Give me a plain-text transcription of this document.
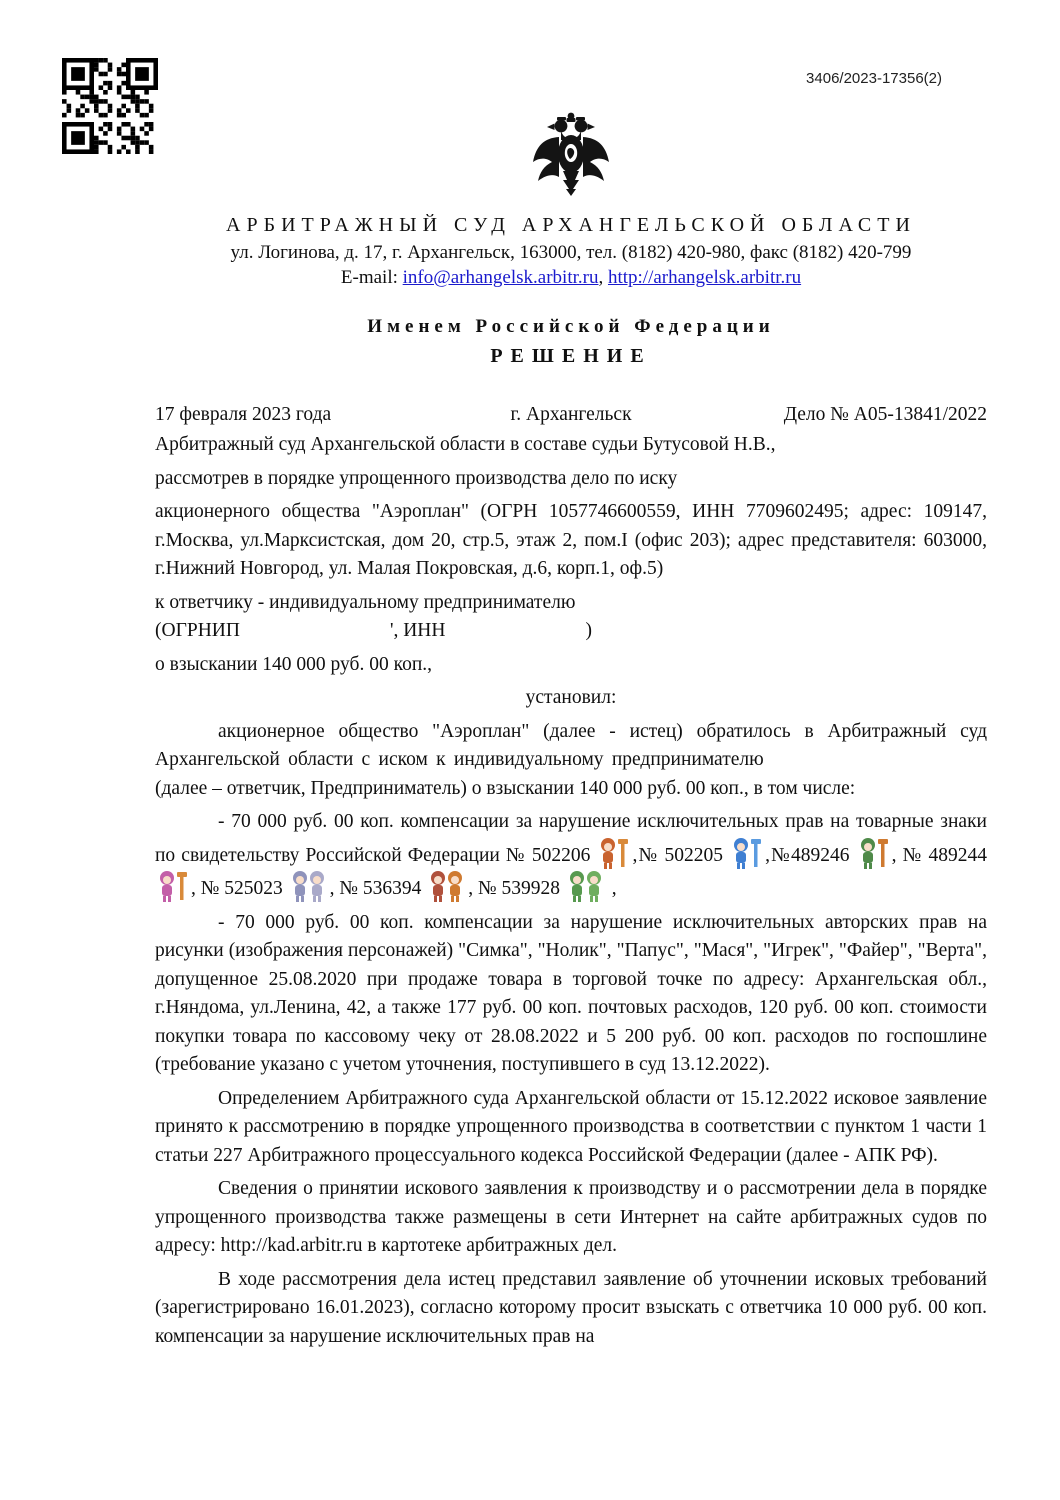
3406/2023-17356(2)
АРБИТРАЖНЫЙ СУД АРХАНГЕЛЬСКОЙ ОБЛАСТИ
ул. Логинова, д. 17, г. Архангельск, 163000, тел. (8182) 420-980, факс (8182) 420-799
E-mail: info@arhangelsk.arbitr.ru, http://arhangelsk.arbitr.ru
Именем Российской Федерации
РЕШЕНИЕ
17 февраля 2023 года	г. Архангельск	Дело № А05-13841/2022

Арбитражный суд Архангельской области в составе судьи Бутусовой Н.В.,

рассмотрев в порядке упрощенного производства дело по иску

акционерного общества "Аэроплан" (ОГРН 1057746600559, ИНН 7709602495; адрес: 109147, г.Москва, ул.Марксистская, дом 20, стр.5, этаж 2, пом.I (офис 203); адрес представителя: 603000, г.Нижний Новгород, ул. Малая Покровская, д.6, корп.1, оф.5)

к ответчику - индивидуальному предпринимателю

(ОГРНИП	', ИНН	)

о взыскании 140 000 руб. 00 коп.,

установил:

акционерное общество "Аэроплан" (далее - истец) обратилось в Арбитражный суд Архангельской области с иском к индивидуальному предпринимателю  (далее – ответчик, Предприниматель) о взыскании 140 000 руб. 00 коп., в том числе:

- 70 000 руб. 00 коп. компенсации за нарушение исключительных прав на товарные знаки по свидетельству Российской Федерации № 502206
,№ 502205
,№489246
, № 489244
, № 525023
, № 536394
, № 539928
,

- 70 000 руб. 00 коп. компенсации за нарушение исключительных авторских прав на рисунки (изображения персонажей) "Симка", "Нолик", "Папус", "Мася", "Игрек", "Файер", "Верта", допущенное 25.08.2020 при продаже товара в торговой точке по адресу: Архангельская обл., г.Няндома, ул.Ленина, 42, а также 177 руб. 00 коп. почтовых расходов, 120 руб. 00 коп. стоимости покупки товара по кассовому чеку от 28.08.2022 и 5 200 руб. 00 коп. расходов по госпошлине (требование указано с учетом уточнения, поступившего в суд 13.12.2022).

Определением Арбитражного суда Архангельской области от 15.12.2022 исковое заявление принято к рассмотрению в порядке упрощенного производства в соответствии с пунктом 1 части 1 статьи 227 Арбитражного процессуального кодекса Российской Федерации (далее - АПК РФ).

Сведения о принятии искового заявления к производству и о рассмотрении дела в порядке упрощенного производства также размещены в сети Интернет на сайте арбитражных судов по адресу: http://kad.arbitr.ru в картотеке арбитражных дел.

В ходе рассмотрения дела истец представил заявление об уточнении исковых требований (зарегистрировано 16.01.2023), согласно которому просит взыскать с ответчика 10 000 руб. 00 коп. компенсации за нарушение исключительных прав на
